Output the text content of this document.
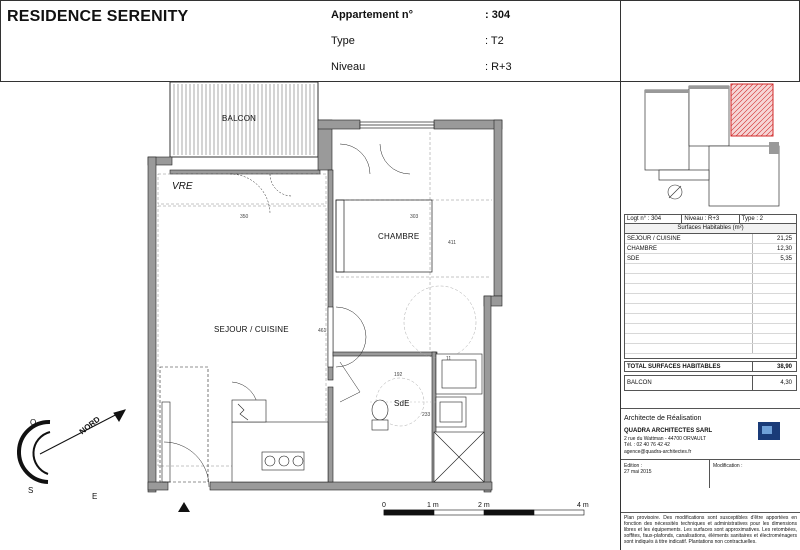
RESIDENCE SERENITY	Appartement n°	: 304
Type	: T2
Niveau	: R+3
BALCON
CHAMBRE
SEJOUR / CUISINE
SdE
VRE
350	303
411
461
192
233
11
0	1 m	2 m	4 m
NORD
O
S
E
Logt n° : 304	Niveau : R+3	Type : 2
Surfaces Habitables (m²)
SEJOUR / CUISINE	21,25
CHAMBRE	12,30
SDE	5,35
TOTAL SURFACES HABITABLES	38,90
BALCON	4,30
Architecte de Réalisation
QUADRA ARCHITECTES SARL
2 rue du Wattman - 44700 ORVAULT
Tél. : 02 40 76 42 42
agence@quadra-architectes.fr
Edition :
27 mai 2015
Modification :
Plan provisoire. Des modifications sont susceptibles d'être apportées en fonction des nécessités techniques et administratives pour les dimensions libres et les équipements. Les surfaces sont approximatives. Les retombées, soffites, faux-plafonds, canalisations, éléments sanitaires et électroménagers sont indiqués à titre indicatif. Plantations non contractuelles.
